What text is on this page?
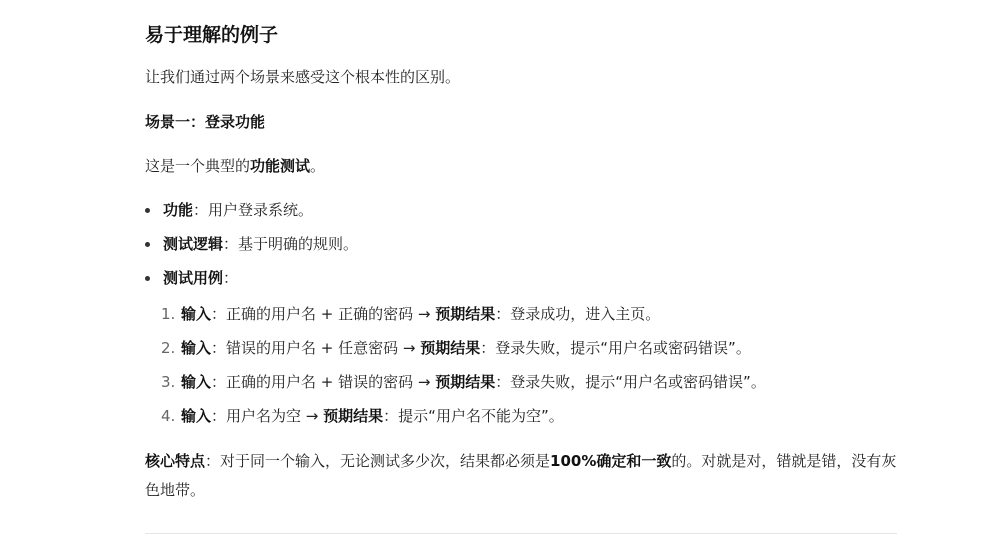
易于理解的例子
让我们通过两个场景来感受这个根本性的区别。
场景一：登录功能
这是一个典型的功能测试。
功能：用户登录系统。
测试逻辑：基于明确的规则。
测试用例：
1. 输入：正确的用户名 + 正确的密码 → 预期结果：登录成功，进入主页。
2. 输入：错误的用户名 + 任意密码 → 预期结果：登录失败，提示“用户名或密码错误”。
3. 输入：正确的用户名 + 错误的密码 → 预期结果：登录失败，提示“用户名或密码错误”。
4. 输入：用户名为空 → 预期结果：提示“用户名不能为空”。
核心特点：对于同一个输入，无论测试多少次，结果都必须是100%确定和一致的。对就是对，错就是错，没有灰色地带。
